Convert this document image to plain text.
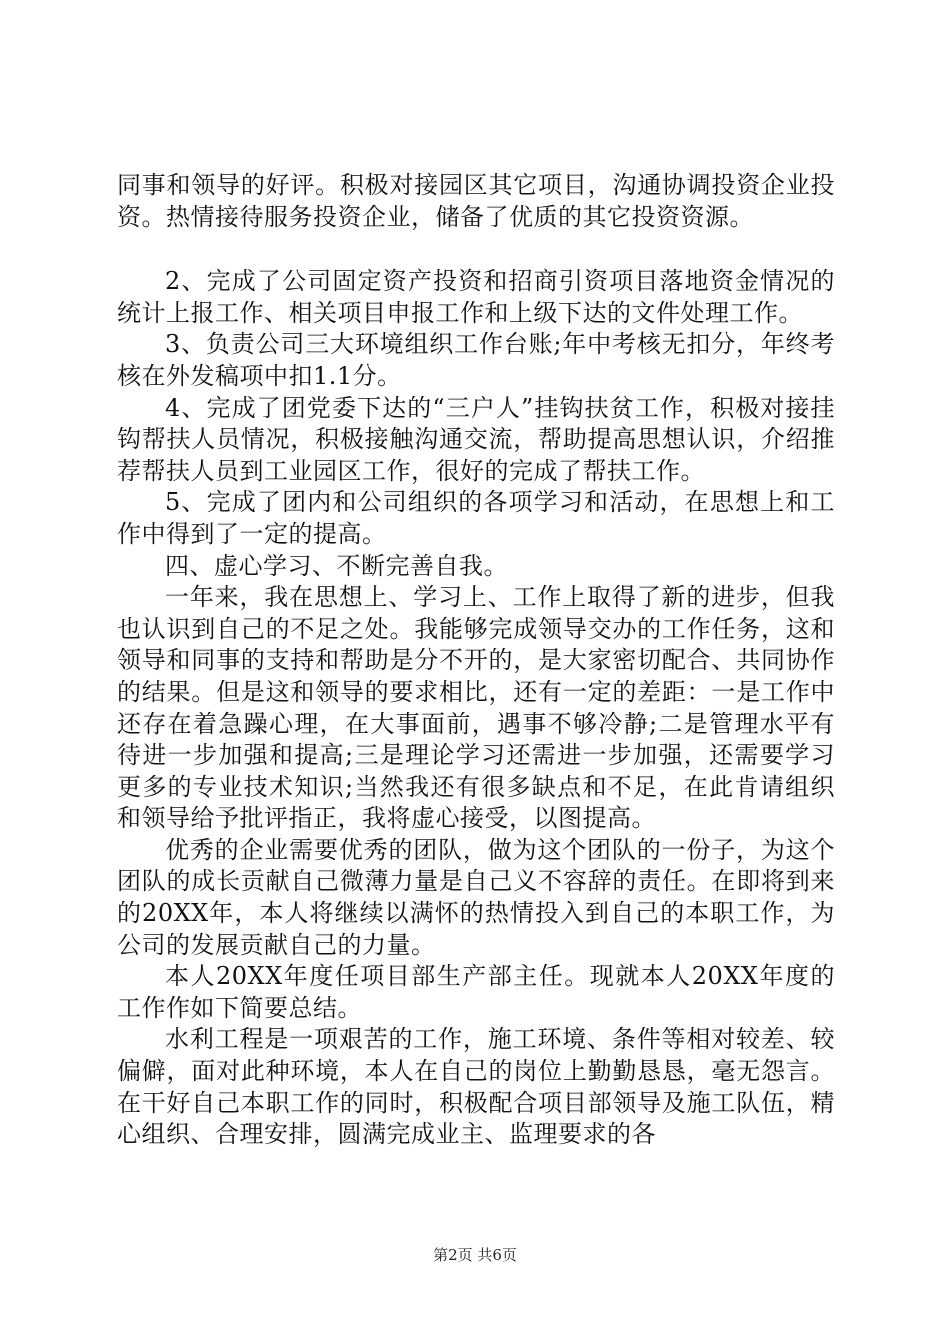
同事和领导的好评。积极对接园区其它项目，沟通协调投资企业投资。热情接待服务投资企业，储备了优质的其它投资资源。

2、完成了公司固定资产投资和招商引资项目落地资金情况的统计上报工作、相关项目申报工作和上级下达的文件处理工作。

3、负责公司三大环境组织工作台账;年中考核无扣分，年终考核在外发稿项中扣1.1分。

4、完成了团党委下达的“三户人”挂钩扶贫工作，积极对接挂钩帮扶人员情况，积极接触沟通交流，帮助提高思想认识，介绍推荐帮扶人员到工业园区工作，很好的完成了帮扶工作。

5、完成了团内和公司组织的各项学习和活动，在思想上和工作中得到了一定的提高。

四、虚心学习、不断完善自我。

一年来，我在思想上、学习上、工作上取得了新的进步，但我也认识到自己的不足之处。我能够完成领导交办的工作任务，这和领导和同事的支持和帮助是分不开的，是大家密切配合、共同协作的结果。但是这和领导的要求相比，还有一定的差距：一是工作中还存在着急躁心理，在大事面前，遇事不够冷静;二是管理水平有待进一步加强和提高;三是理论学习还需进一步加强，还需要学习更多的专业技术知识;当然我还有很多缺点和不足，在此肯请组织和领导给予批评指正，我将虚心接受，以图提高。

优秀的企业需要优秀的团队，做为这个团队的一份子，为这个团队的成长贡献自己微薄力量是自己义不容辞的责任。在即将到来的20XX年，本人将继续以满怀的热情投入到自己的本职工作，为公司的发展贡献自己的力量。

本人20XX年度任项目部生产部主任。现就本人20XX年度的工作作如下简要总结。

水利工程是一项艰苦的工作，施工环境、条件等相对较差、较偏僻，面对此种环境，本人在自己的岗位上勤勤恳恳，毫无怨言。在干好自己本职工作的同时，积极配合项目部领导及施工队伍，精心组织、合理安排，圆满完成业主、监理要求的各

第2页 共6页
